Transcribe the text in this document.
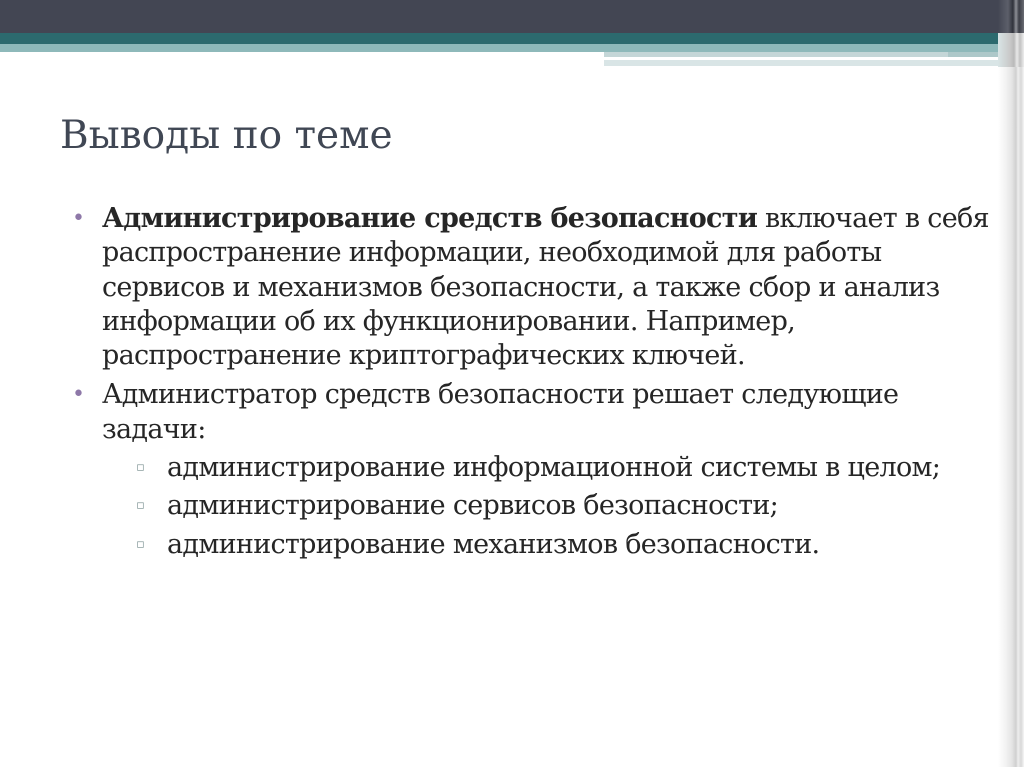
Выводы по теме
• Администрирование средств безопасности включает в себя распространение информации, необходимой для работы сервисов и механизмов безопасности, а также сбор и анализ информации об их функционировании. Например, распространение криптографических ключей.
• Администратор средств безопасности решает следующие задачи:
▫ администрирование информационной системы в целом;
▫ администрирование сервисов безопасности;
▫ администрирование механизмов безопасности.
